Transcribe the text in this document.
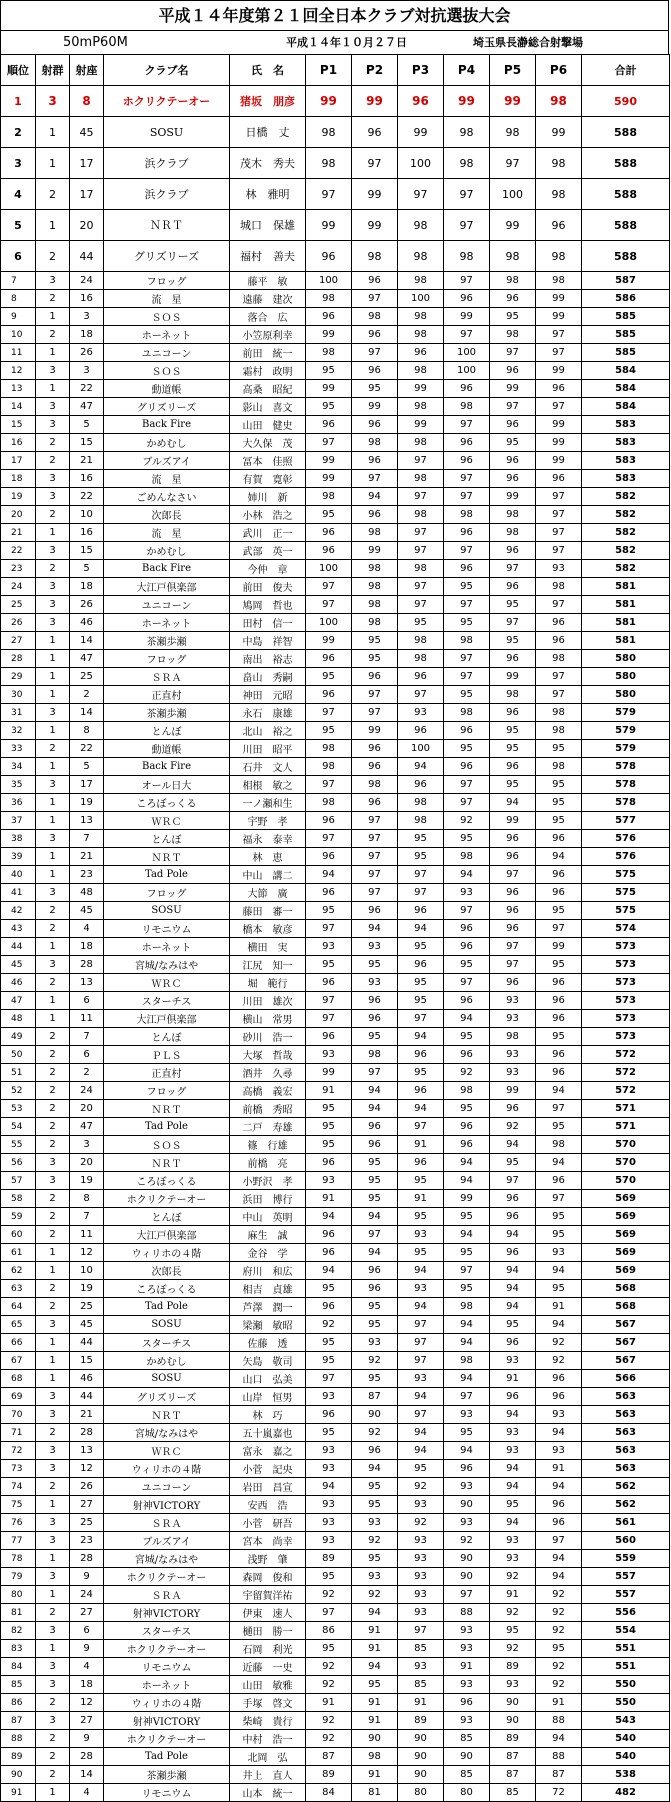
平成１４年度第２１回全日本クラブ対抗選抜大会
50mP60M	平成１４年１０月２７日	埼玉県長瀞総合射撃場
順位	射群	射座	クラブ名	氏　名	P1	P2	P3	P4	P5	P6	合計
1	3	8	ホクリクテーオー	猪坂　朋彦	99	99	96	99	99	98	590
2	1	45	SOSU	日橋　丈	98	96	99	98	98	99	588
3	1	17	浜クラブ	茂木　秀夫	98	97	100	98	97	98	588
4	2	17	浜クラブ	林　雅明	97	99	97	97	100	98	588
5	1	20	ＮＲＴ	城口　保雄	99	99	98	97	99	96	588
6	2	44	グリズリーズ	福村　善夫	96	98	98	98	98	98	588
7	3	24	フロッグ	藤平　敏	100	96	98	97	98	98	587
8	2	16	流　星	遠藤　建次	98	97	100	96	96	99	586
9	1	3	ＳＯＳ	落合　広	96	98	98	99	95	99	585
10	2	18	ホーネット	小笠原利幸	99	96	98	97	98	97	585
11	1	26	ユニコーン	前田　統一	98	97	96	100	97	97	585
12	3	3	ＳＯＳ	霜村　政明	95	96	98	100	96	99	584
13	1	22	動道帳	高桑　昭紀	99	95	99	96	99	96	584
14	3	47	グリズリーズ	影山　喜文	95	99	98	98	97	97	584
15	3	5	Back Fire	山田　健史	96	96	99	97	96	99	583
16	2	15	かめむし	大久保　茂	97	98	98	96	95	99	583
17	2	21	ブルズアイ	冨本　佳照	99	96	97	96	96	99	583
18	3	16	流　星	有賀　寛彰	99	97	98	97	96	96	583
19	3	22	ごめんなさい	姉川　新	98	94	97	97	99	97	582
20	2	10	次郎長	小林　浩之	95	96	98	98	98	97	582
21	1	16	流　星	武川　正一	96	98	97	96	98	97	582
22	3	15	かめむし	武部　英一	96	99	97	97	96	97	582
23	2	5	Back Fire	今仲　章	100	98	98	96	97	93	582
24	3	18	大江戸倶楽部	前田　俊夫	97	98	97	95	96	98	581
25	3	26	ユニコーン	鳩岡　哲也	97	98	97	97	95	97	581
26	3	46	ホーネット	田村　信一	100	98	95	95	97	96	581
27	1	14	茶瀬歩瀬	中島　祥智	99	95	98	98	95	96	581
28	1	47	フロッグ	南出　裕志	96	95	98	97	96	98	580
29	1	25	ＳＲＡ	畠山　秀嗣	95	96	96	97	99	97	580
30	1	2	正直村	神田　元昭	96	97	97	95	98	97	580
31	3	14	茶瀬歩瀬	永石　康雄	97	97	93	98	96	98	579
32	1	8	とんぼ	北山　裕之	95	99	96	96	95	98	579
33	2	22	動道帳	川田　昭平	98	96	100	95	95	95	579
34	1	5	Back Fire	石井　文人	98	96	94	96	96	98	578
35	3	17	オール日大	相根　敏之	97	98	96	97	95	95	578
36	1	19	ころぼっくる	一ノ瀬和生	98	96	98	97	94	95	578
37	1	13	ＷＲＣ	宇野　孝	96	97	98	92	99	95	577
38	3	7	とんぼ	福永　泰幸	97	97	95	95	96	96	576
39	1	21	ＮＲＴ	林　恵	96	97	95	98	96	94	576
40	1	23	Tad Pole	中山　講二	94	97	97	94	97	96	575
41	3	48	フロッグ	大節　廣	96	97	97	93	96	96	575
42	2	45	SOSU	藤田　審一	95	96	96	97	96	95	575
43	2	4	リモニウム	橋本　敏彦	97	94	94	96	96	97	574
44	1	18	ホーネット	横田　実	93	93	95	96	97	99	573
45	3	28	宮城/なみはや	江尻　知一	95	95	96	95	97	95	573
46	2	13	ＷＲＣ	堀　範行	96	93	95	97	96	96	573
47	1	6	スターチス	川田　雄次	97	96	95	96	93	96	573
48	1	11	大江戸倶楽部	横山　常男	97	96	97	94	93	96	573
49	2	7	とんぼ	砂川　浩一	96	95	94	95	98	95	573
50	2	6	ＰＬＳ	大塚　哲哉	93	98	96	96	93	96	572
51	2	2	正直村	酒井　久尋	99	97	95	92	93	96	572
52	2	24	フロッグ	高橋　義宏	91	94	96	98	99	94	572
53	2	20	ＮＲＴ	前橋　秀昭	95	94	94	95	96	97	571
54	2	47	Tad Pole	二戸　寿雄	95	96	97	96	92	95	571
55	2	3	ＳＯＳ	篠　行雄	95	96	91	96	94	98	570
56	3	20	ＮＲＴ	前橋　亮	96	95	96	94	95	94	570
57	3	19	ころぼっくる	小野沢　孝	93	95	95	94	97	96	570
58	2	8	ホクリクテーオー	浜田　博行	91	95	91	99	96	97	569
59	2	7	とんぼ	中山　英明	94	94	95	95	96	95	569
60	2	11	大江戸倶楽部	麻生　誠	96	97	93	94	94	95	569
61	1	12	ウィリホの４階	金谷　学	96	94	95	95	96	93	569
62	1	10	次郎長	府川　和広	94	96	94	97	94	94	569
63	2	19	ころぼっくる	相吉　貞雄	95	96	93	95	94	95	568
64	2	25	Tad Pole	芦澤　潤一	96	95	94	98	94	91	568
65	3	45	SOSU	梁瀬　敏昭	92	95	97	94	95	94	567
66	1	44	スターチス	佐藤　透	95	93	97	94	96	92	567
67	1	15	かめむし	矢島　敬司	95	92	97	98	93	92	567
68	1	46	SOSU	山口　弘美	97	95	93	94	91	96	566
69	3	44	グリズリーズ	山岸　恒男	93	87	94	97	96	96	563
70	3	21	ＮＲＴ	林　巧	96	90	97	93	94	93	563
71	2	28	宮城/なみはや	五十嵐嘉也	95	92	94	95	93	94	563
72	3	13	ＷＲＣ	富永　嘉之	93	96	94	94	93	93	563
73	3	12	ウィリホの４階	小菅　記央	93	94	95	96	94	91	563
74	2	26	ユニコーン	岩田　昌宣	94	95	92	93	94	94	562
75	1	27	射神VICTORY	安西　浩	93	95	93	90	95	96	562
76	3	25	ＳＲＡ	小菅　研吾	93	93	92	93	94	96	561
77	3	23	ブルズアイ	宮本　尚幸	93	92	93	92	93	97	560
78	1	28	宮城/なみはや	浅野　肇	89	95	93	90	93	94	559
79	3	9	ホクリクテーオー	森岡　俊和	95	93	93	90	92	94	557
80	1	24	ＳＲＡ	宇留賀洋祐	92	92	93	97	91	92	557
81	2	27	射神VICTORY	伊東　速人	97	94	93	88	92	92	556
82	3	6	スターチス	樋田　勝一	86	91	97	93	95	92	554
83	1	9	ホクリクテーオー	石岡　利光	95	91	85	93	92	95	551
84	3	4	リモニウム	近藤　一史	92	94	93	91	89	92	551
85	3	18	ホーネット	山田　敏雅	92	95	85	93	93	92	550
86	2	12	ウィリホの４階	手塚　啓文	91	91	91	96	90	91	550
87	3	27	射神VICTORY	柴崎　貴行	92	91	89	93	90	88	543
88	2	9	ホクリクテーオー	中村　浩一	92	90	90	85	89	94	540
89	2	28	Tad Pole	北岡　弘	87	98	90	90	87	88	540
90	2	14	茶瀬歩瀬	井上　直人	89	91	90	85	87	87	538
91	1	4	リモニウム	山本　統一	84	81	80	80	85	72	482
